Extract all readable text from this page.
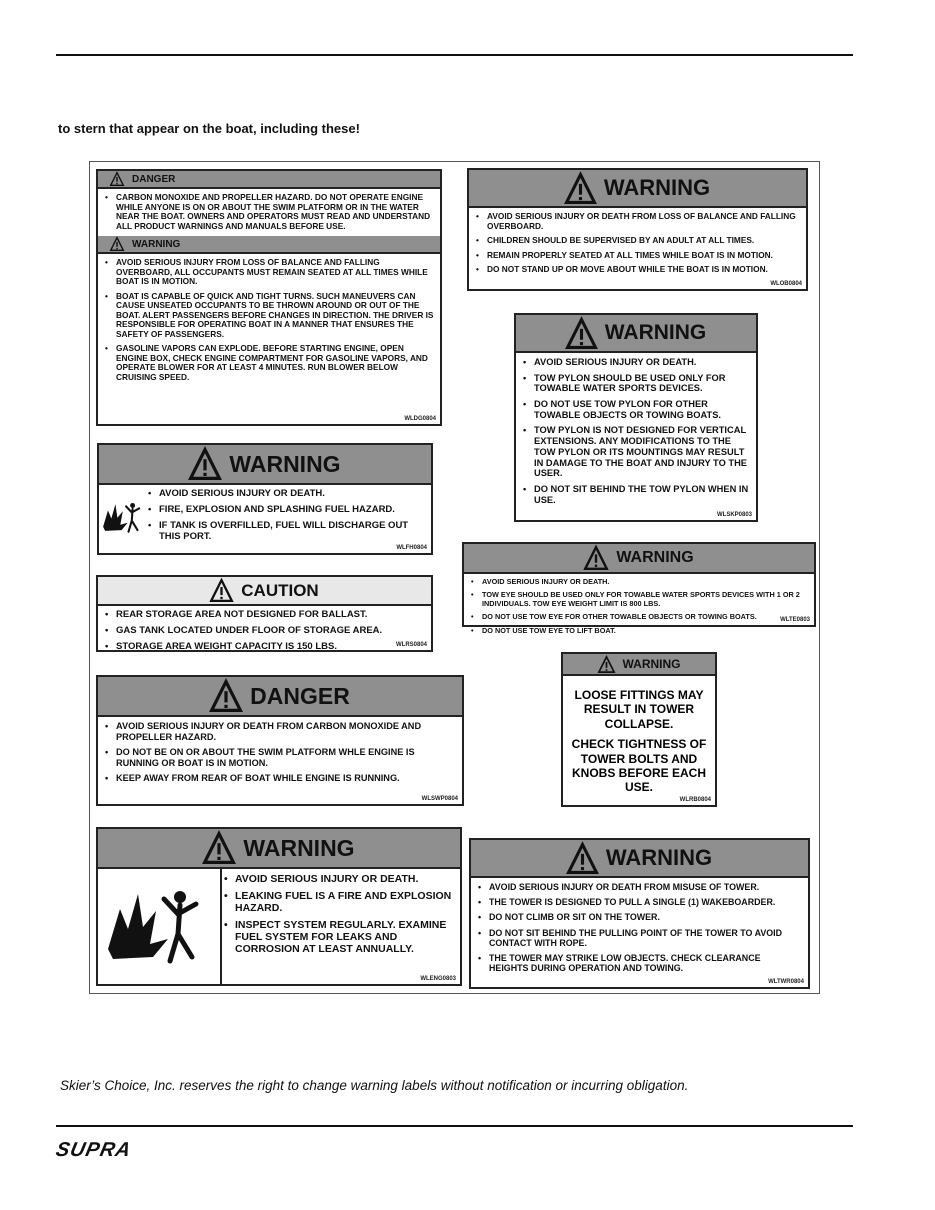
to stern that appear on the boat, including these!
DANGER
• CARBON MONOXIDE AND PROPELLER HAZARD. DO NOT OPERATE ENGINE WHILE ANYONE IS ON OR ABOUT THE SWIM PLATFORM OR IN THE WATER NEAR THE BOAT. OWNERS AND OPERATORS MUST READ AND UNDERSTAND ALL PRODUCT WARNINGS AND MANUALS BEFORE USE.
WARNING
• AVOID SERIOUS INJURY FROM LOSS OF BALANCE AND FALLING OVERBOARD, ALL OCCUPANTS MUST REMAIN SEATED AT ALL TIMES WHILE BOAT IS IN MOTION.
• BOAT IS CAPABLE OF QUICK AND TIGHT TURNS. SUCH MANEUVERS CAN CAUSE UNSEATED OCCUPANTS TO BE THROWN AROUND OR OUT OF THE BOAT. ALERT PASSENGERS BEFORE CHANGES IN DIRECTION. THE DRIVER IS RESPONSIBLE FOR OPERATING BOAT IN A MANNER THAT ENSURES THE SAFETY OF PASSENGERS.
• GASOLINE VAPORS CAN EXPLODE. BEFORE STARTING ENGINE, OPEN ENGINE BOX, CHECK ENGINE COMPARTMENT FOR GASOLINE VAPORS, AND OPERATE BLOWER FOR AT LEAST 4 MINUTES. RUN BLOWER BELOW CRUISING SPEED.
WLDG0804
WARNING
• AVOID SERIOUS INJURY OR DEATH FROM LOSS OF BALANCE AND FALLING OVERBOARD.
• CHILDREN SHOULD BE SUPERVISED BY AN ADULT AT ALL TIMES.
• REMAIN PROPERLY SEATED AT ALL TIMES WHILE BOAT IS IN MOTION.
• DO NOT STAND UP OR MOVE ABOUT WHILE THE BOAT IS IN MOTION.
WLOB0804
WARNING
• AVOID SERIOUS INJURY OR DEATH.
• TOW PYLON SHOULD BE USED ONLY FOR TOWABLE WATER SPORTS DEVICES.
• DO NOT USE TOW PYLON FOR OTHER TOWABLE OBJECTS OR TOWING BOATS.
• TOW PYLON IS NOT DESIGNED FOR VERTICAL EXTENSIONS. ANY MODIFICATIONS TO THE TOW PYLON OR ITS MOUNTINGS MAY RESULT IN DAMAGE TO THE BOAT AND INJURY TO THE USER.
• DO NOT SIT BEHIND THE TOW PYLON WHEN IN USE.
WLSKP0803
WARNING
• AVOID SERIOUS INJURY OR DEATH.
• FIRE, EXPLOSION AND SPLASHING FUEL HAZARD.
• IF TANK IS OVERFILLED, FUEL WILL DISCHARGE OUT THIS PORT.
WLFH0804
WARNING
• AVOID SERIOUS INJURY OR DEATH.
• TOW EYE SHOULD BE USED ONLY FOR TOWABLE WATER SPORTS DEVICES WITH 1 OR 2 INDIVIDUALS. TOW EYE WEIGHT LIMIT IS 800 LBS.
• DO NOT USE TOW EYE FOR OTHER TOWABLE OBJECTS OR TOWING BOATS.
• DO NOT USE TOW EYE TO LIFT BOAT.
WLTE0803
CAUTION
• REAR STORAGE AREA NOT DESIGNED FOR BALLAST.
• GAS TANK LOCATED UNDER FLOOR OF STORAGE AREA.
• STORAGE AREA WEIGHT CAPACITY IS 150 LBS.	WLRS0804
WARNING

LOOSE FITTINGS MAY RESULT IN TOWER COLLAPSE.

CHECK TIGHTNESS OF TOWER BOLTS AND KNOBS BEFORE EACH USE.

WLRB0804
DANGER
• AVOID SERIOUS INJURY OR DEATH FROM CARBON MONOXIDE AND PROPELLER HAZARD.
• DO NOT BE ON OR ABOUT THE SWIM PLATFORM WHLE ENGINE IS RUNNING OR BOAT IS IN MOTION.
• KEEP AWAY FROM REAR OF BOAT WHILE ENGINE IS RUNNING.
WLSWP0804
WARNING
• AVOID SERIOUS INJURY OR DEATH.
• LEAKING FUEL IS A FIRE AND EXPLOSION HAZARD.
• INSPECT SYSTEM REGULARLY. EXAMINE FUEL SYSTEM FOR LEAKS AND CORROSION AT LEAST ANNUALLY.
WLENG0803
WARNING
• AVOID SERIOUS INJURY OR DEATH FROM MISUSE OF TOWER.
• THE TOWER IS DESIGNED TO PULL A SINGLE (1) WAKEBOARDER.
• DO NOT CLIMB OR SIT ON THE TOWER.
• DO NOT SIT BEHIND THE PULLING POINT OF THE TOWER TO AVOID CONTACT WITH ROPE.
• THE TOWER MAY STRIKE LOW OBJECTS. CHECK CLEARANCE HEIGHTS DURING OPERATION AND TOWING.
WLTWR0804
Skier’s Choice, Inc. reserves the right to change warning labels without notification or incurring obligation.
SUPRA
